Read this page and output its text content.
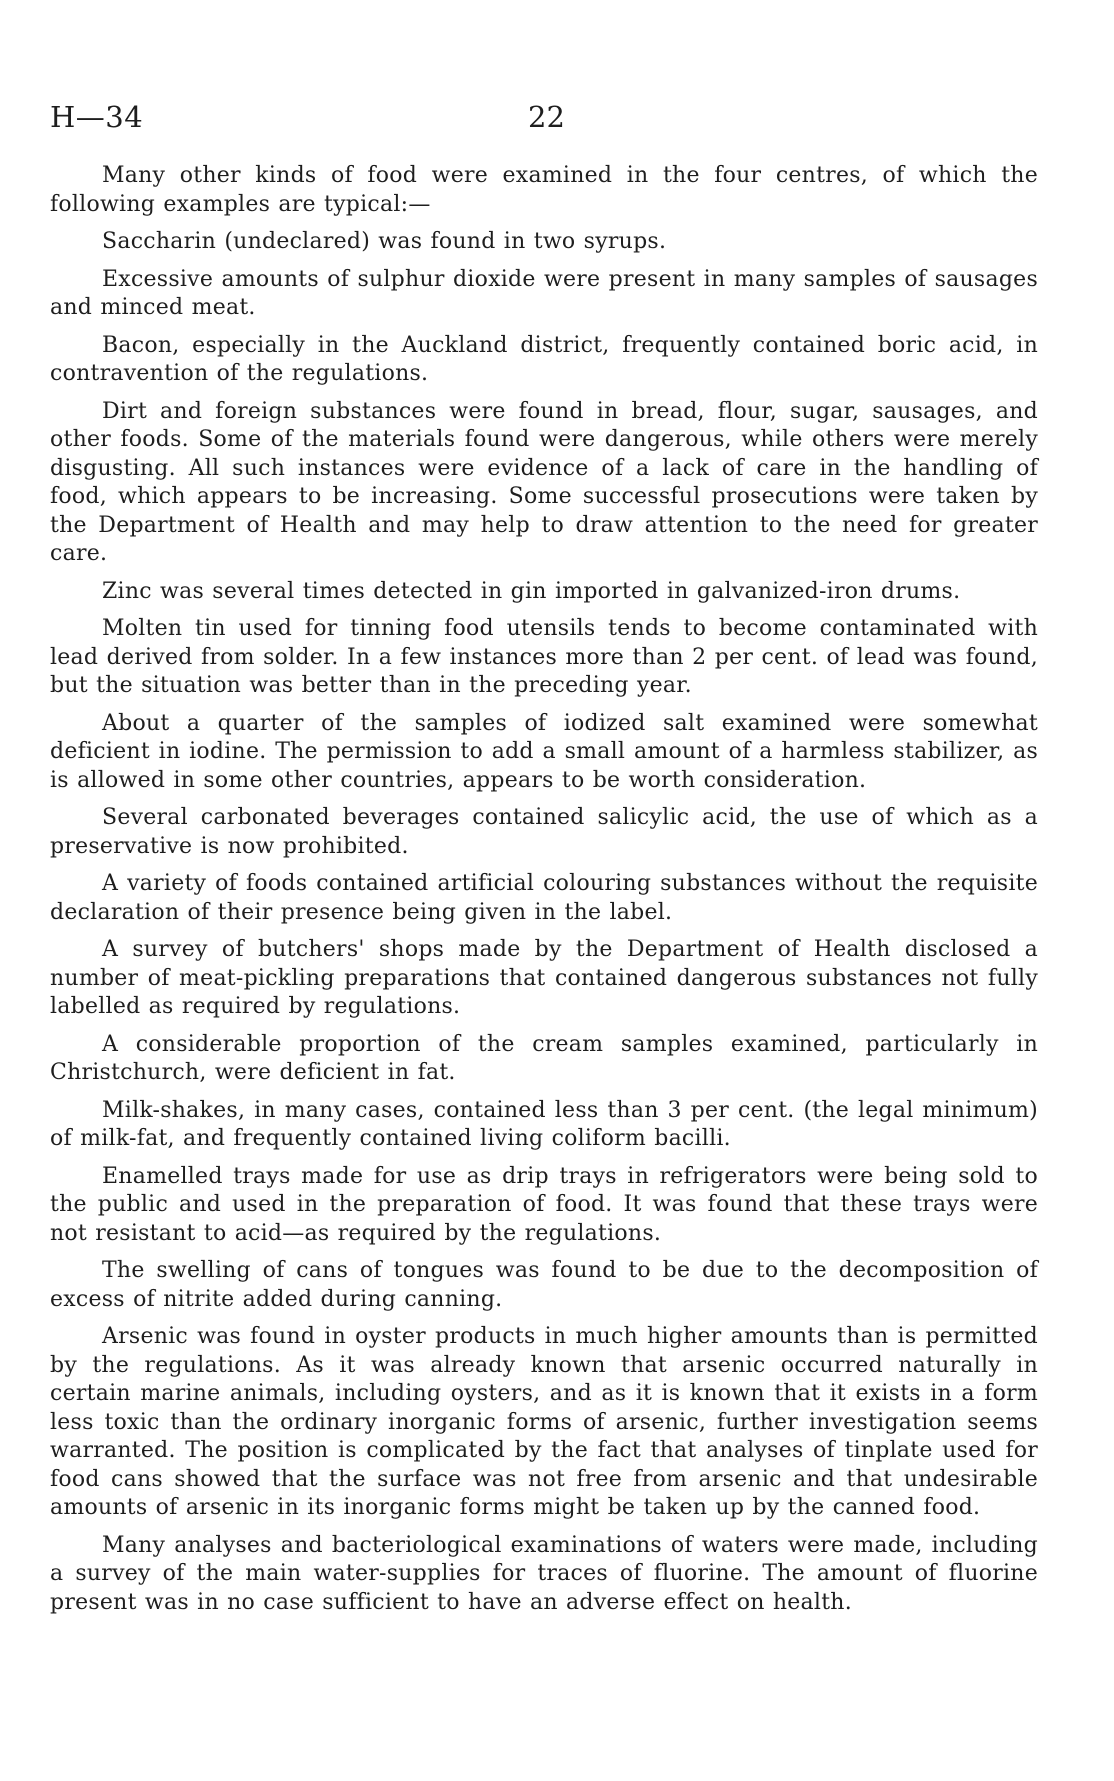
H—34	22

Many other kinds of food were examined in the four centres, of which the following examples are typical:—

Saccharin (undeclared) was found in two syrups.

Excessive amounts of sulphur dioxide were present in many samples of sausages and minced meat.

Bacon, especially in the Auckland district, frequently contained boric acid, in contravention of the regulations.

Dirt and foreign substances were found in bread, flour, sugar, sausages, and other foods. Some of the materials found were dangerous, while others were merely disgusting. All such instances were evidence of a lack of care in the handling of food, which appears to be increasing. Some successful prosecutions were taken by the Department of Health and may help to draw attention to the need for greater care.

Zinc was several times detected in gin imported in galvanized-iron drums.

Molten tin used for tinning food utensils tends to become contaminated with lead derived from solder. In a few instances more than 2 per cent. of lead was found, but the situation was better than in the preceding year.

About a quarter of the samples of iodized salt examined were somewhat deficient in iodine. The permission to add a small amount of a harmless stabilizer, as is allowed in some other countries, appears to be worth consideration.

Several carbonated beverages contained salicylic acid, the use of which as a preservative is now prohibited.

A variety of foods contained artificial colouring substances without the requisite declaration of their presence being given in the label.

A survey of butchers' shops made by the Department of Health disclosed a number of meat-pickling preparations that contained dangerous substances not fully labelled as required by regulations.

A considerable proportion of the cream samples examined, particularly in Christchurch, were deficient in fat.

Milk-shakes, in many cases, contained less than 3 per cent. (the legal minimum) of milk-fat, and frequently contained living coliform bacilli.

Enamelled trays made for use as drip trays in refrigerators were being sold to the public and used in the preparation of food. It was found that these trays were not resistant to acid—as required by the regulations.

The swelling of cans of tongues was found to be due to the decomposition of excess of nitrite added during canning.

Arsenic was found in oyster products in much higher amounts than is permitted by the regulations. As it was already known that arsenic occurred naturally in certain marine animals, including oysters, and as it is known that it exists in a form less toxic than the ordinary inorganic forms of arsenic, further investigation seems warranted. The position is complicated by the fact that analyses of tinplate used for food cans showed that the surface was not free from arsenic and that undesirable amounts of arsenic in its inorganic forms might be taken up by the canned food.

Many analyses and bacteriological examinations of waters were made, including a survey of the main water-supplies for traces of fluorine. The amount of fluorine present was in no case sufficient to have an adverse effect on health.
